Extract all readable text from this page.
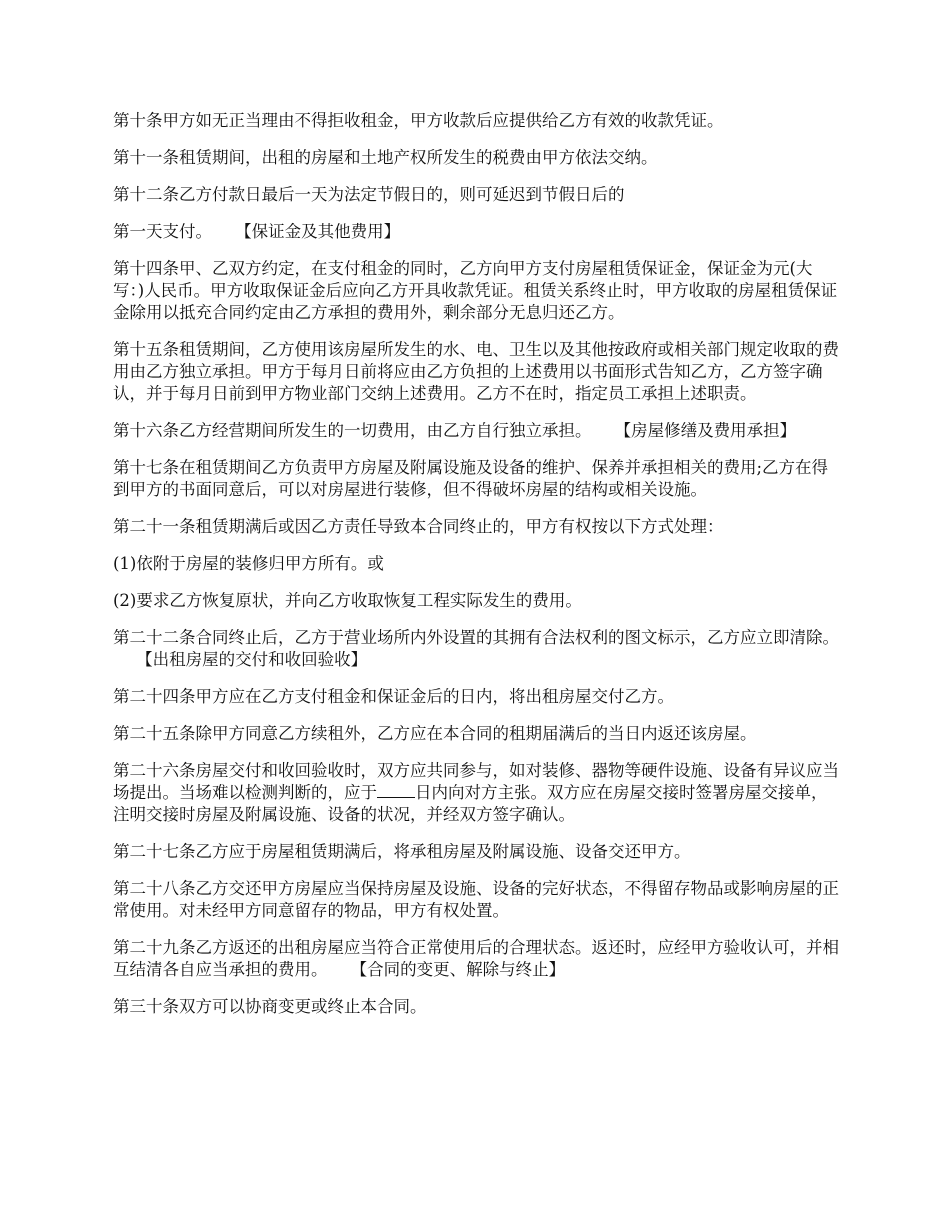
第十条甲方如无正当理由不得拒收租金，甲方收款后应提供给乙方有效的收款凭证。

第十一条租赁期间，出租的房屋和土地产权所发生的税费由甲方依法交纳。

第十二条乙方付款日最后一天为法定节假日的，则可延迟到节假日后的

第一天支付。 【保证金及其他费用】

第十四条甲、乙双方约定，在支付租金的同时，乙方向甲方支付房屋租赁保证金，保证金为元(大写：)人民币。甲方收取保证金后应向乙方开具收款凭证。租赁关系终止时，甲方收取的房屋租赁保证金除用以抵充合同约定由乙方承担的费用外，剩余部分无息归还乙方。

第十五条租赁期间，乙方使用该房屋所发生的水、电、卫生以及其他按政府或相关部门规定收取的费用由乙方独立承担。甲方于每月日前将应由乙方负担的上述费用以书面形式告知乙方，乙方签字确认，并于每月日前到甲方物业部门交纳上述费用。乙方不在时，指定员工承担上述职责。

第十六条乙方经营期间所发生的一切费用，由乙方自行独立承担。 【房屋修缮及费用承担】

第十七条在租赁期间乙方负责甲方房屋及附属设施及设备的维护、保养并承担相关的费用;乙方在得到甲方的书面同意后，可以对房屋进行装修，但不得破坏房屋的结构或相关设施。

第二十一条租赁期满后或因乙方责任导致本合同终止的，甲方有权按以下方式处理：

(1)依附于房屋的装修归甲方所有。或

(2)要求乙方恢复原状，并向乙方收取恢复工程实际发生的费用。

第二十二条合同终止后，乙方于营业场所内外设置的其拥有合法权利的图文标示，乙方应立即清除。【出租房屋的交付和收回验收】

第二十四条甲方应在乙方支付租金和保证金后的日内，将出租房屋交付乙方。

第二十五条除甲方同意乙方续租外，乙方应在本合同的租期届满后的当日内返还该房屋。

第二十六条房屋交付和收回验收时，双方应共同参与，如对装修、器物等硬件设施、设备有异议应当场提出。当场难以检测判断的，应于 日内向对方主张。双方应在房屋交接时签署房屋交接单，注明交接时房屋及附属设施、设备的状况，并经双方签字确认。

第二十七条乙方应于房屋租赁期满后，将承租房屋及附属设施、设备交还甲方。

第二十八条乙方交还甲方房屋应当保持房屋及设施、设备的完好状态，不得留存物品或影响房屋的正常使用。对未经甲方同意留存的物品，甲方有权处置。

第二十九条乙方返还的出租房屋应当符合正常使用后的合理状态。返还时，应经甲方验收认可，并相互结清各自应当承担的费用。 【合同的变更、解除与终止】

第三十条双方可以协商变更或终止本合同。
